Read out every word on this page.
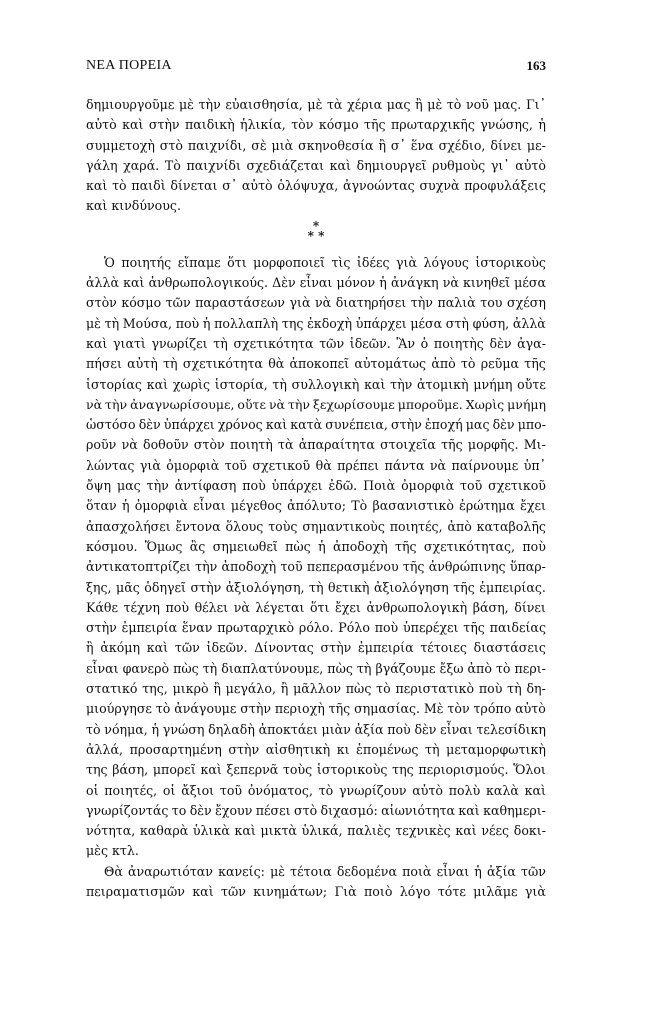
ΝΕΑ ΠΟΡΕΙΑ	163
δημιουργοῦμε μὲ τὴν εὐαισθησία, μὲ τὰ χέρια μας ἢ μὲ τὸ νοῦ μας. Γι᾽
αὐτὸ καὶ στὴν παιδικὴ ἡλικία, τὸν κόσμο τῆς πρωταρχικῆς γνώσης, ἡ
συμμετοχὴ στὸ παιχνίδι, σὲ μιὰ σκηνοθεσία ἢ σ᾽ ἕνα σχέδιο, δίνει με-
γάλη χαρά. Τὸ παιχνίδι σχεδιάζεται καὶ δημιουργεῖ ρυθμοὺς γι᾽ αὐτὸ
καὶ τὸ παιδὶ δίνεται σ᾽ αὐτὸ ὁλόψυχα, ἀγνοώντας συχνὰ προφυλάξεις
καὶ κινδύνους.
*
* *
Ὁ ποιητής εἴπαμε ὅτι μορφοποιεῖ τὶς ἰδέες γιὰ λόγους ἱστορικοὺς
ἀλλὰ καὶ ἀνθρωπολογικούς. Δὲν εἶναι μόνον ἡ ἀνάγκη νὰ κινηθεῖ μέσα
στὸν κόσμο τῶν παραστάσεων γιὰ νὰ διατηρήσει τὴν παλιὰ του σχέση
μὲ τὴ Μούσα, ποὺ ἡ πολλαπλὴ της ἐκδοχὴ ὑπάρχει μέσα στὴ φύση, ἀλλὰ
καὶ γιατὶ γνωρίζει τὴ σχετικότητα τῶν ἰδεῶν. Ἂν ὁ ποιητὴς δὲν ἀγα-
πήσει αὐτὴ τὴ σχετικότητα θὰ ἀποκοπεῖ αὐτομάτως ἀπὸ τὸ ρεῦμα τῆς
ἱστορίας καὶ χωρὶς ἱστορία, τὴ συλλογικὴ καὶ τὴν ἀτομικὴ μνήμη οὔτε
νὰ τὴν ἀναγνωρίσουμε, οὔτε νὰ τὴν ξεχωρίσουμε μποροῦμε. Χωρὶς μνήμη
ὡστόσο δὲν ὑπάρχει χρόνος καὶ κατὰ συνέπεια, στὴν ἐποχή μας δὲν μπο-
ροῦν νὰ δοθοῦν στὸν ποιητὴ τὰ ἀπαραίτητα στοιχεῖα τῆς μορφῆς. Μι-
λώντας γιὰ ὀμορφιὰ τοῦ σχετικοῦ θὰ πρέπει πάντα νὰ παίρνουμε ὑπ᾽
ὄψη μας τὴν ἀντίφαση ποὺ ὑπάρχει ἐδῶ. Ποιὰ ὀμορφιὰ τοῦ σχετικοῦ
ὅταν ἡ ὀμορφιὰ εἶναι μέγεθος ἀπόλυτο; Τὸ βασανιστικὸ ἐρώτημα ἔχει
ἀπασχολήσει ἔντονα ὅλους τοὺς σημαντικοὺς ποιητές, ἀπὸ καταβολῆς
κόσμου. Ὅμως ἂς σημειωθεῖ πὼς ἡ ἀποδοχὴ τῆς σχετικότητας, ποὺ
ἀντικατοπτρίζει τὴν ἀποδοχὴ τοῦ πεπερασμένου τῆς ἀνθρώπινης ὕπαρ-
ξης, μᾶς ὁδηγεῖ στὴν ἀξιολόγηση, τὴ θετικὴ ἀξιολόγηση τῆς ἐμπειρίας.
Κάθε τέχνη ποὺ θέλει νὰ λέγεται ὅτι ἔχει ἀνθρωπολογικὴ βάση, δίνει
στὴν ἐμπειρία ἕναν πρωταρχικὸ ρόλο. Ρόλο ποὺ ὑπερέχει τῆς παιδείας
ἢ ἀκόμη καὶ τῶν ἰδεῶν. Δίνοντας στὴν ἐμπειρία τέτοιες διαστάσεις
εἶναι φανερὸ πὼς τὴ διαπλατύνουμε, πὼς τὴ βγάζουμε ἔξω ἀπὸ τὸ περι-
στατικό της, μικρὸ ἢ μεγάλο, ἢ μᾶλλον πὼς τὸ περιστατικὸ ποὺ τὴ δη-
μιούργησε τὸ ἀνάγουμε στὴν περιοχὴ τῆς σημασίας. Μὲ τὸν τρόπο αὐτὸ
τὸ νόημα, ἡ γνώση δηλαδὴ ἀποκτάει μιὰν ἀξία ποὺ δὲν εἶναι τελεσίδικη
ἀλλά, προσαρτημένη στὴν αἰσθητικὴ κι ἑπομένως τὴ μεταμορφωτικὴ
της βάση, μπορεῖ καὶ ξεπερνᾶ τοὺς ἱστορικοὺς της περιορισμούς. Ὅλοι
οἱ ποιητές, οἱ ἄξιοι τοῦ ὀνόματος, τὸ γνωρίζουν αὐτὸ πολὺ καλὰ καὶ
γνωρίζοντάς το δὲν ἔχουν πέσει στὸ διχασμό: αἰωνιότητα καὶ καθημερι-
νότητα, καθαρὰ ὑλικὰ καὶ μικτὰ ὑλικά, παλιὲς τεχνικὲς καὶ νέες δοκι-
μὲς κτλ.
Θὰ ἀναρωτιόταν κανείς: μὲ τέτοια δεδομένα ποιὰ εἶναι ἡ ἀξία τῶν
πειραματισμῶν καὶ τῶν κινημάτων; Γιὰ ποιὸ λόγο τότε μιλᾶμε γιὰ
